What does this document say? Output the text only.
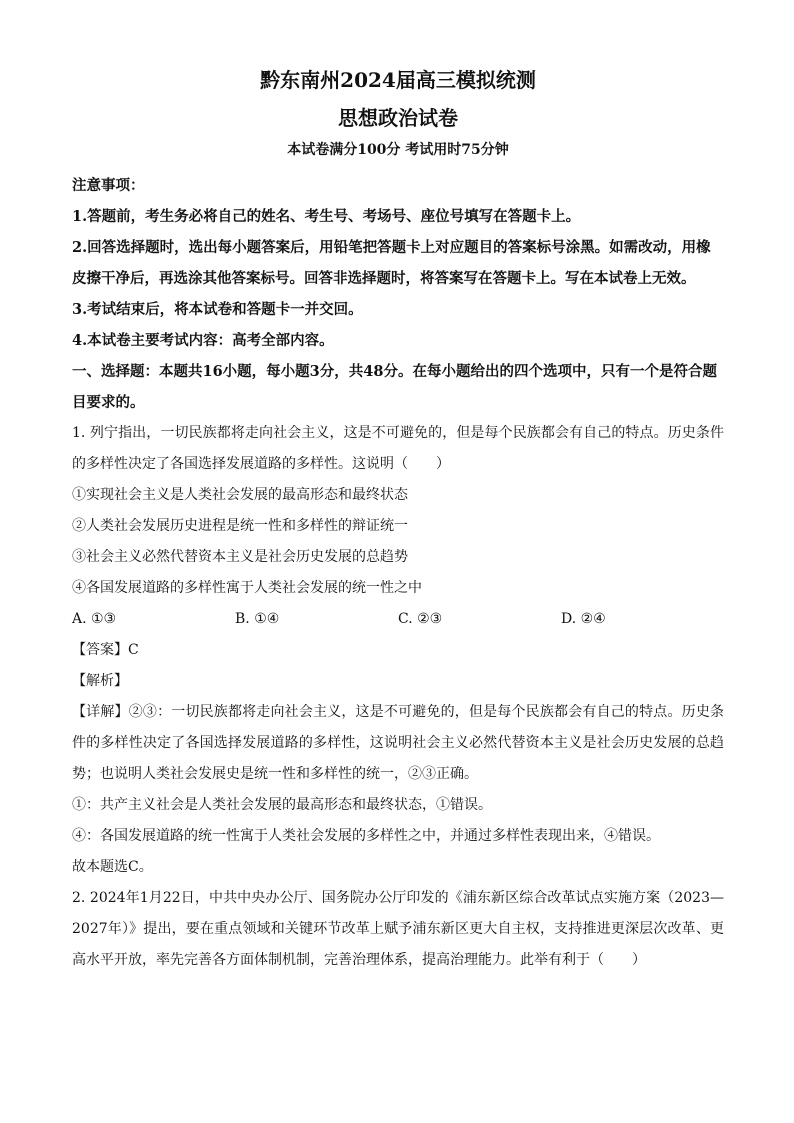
黔东南州2024届高三模拟统测
思想政治试卷
本试卷满分100分 考试用时75分钟
注意事项：
1.答题前，考生务必将自己的姓名、考生号、考场号、座位号填写在答题卡上。
2.回答选择题时，选出每小题答案后，用铅笔把答题卡上对应题目的答案标号涂黑。如需改动，用橡皮擦干净后，再选涂其他答案标号。回答非选择题时，将答案写在答题卡上。写在本试卷上无效。
3.考试结束后，将本试卷和答题卡一并交回。
4.本试卷主要考试内容：高考全部内容。
一、选择题：本题共16小题，每小题3分，共48分。在每小题给出的四个选项中，只有一个是符合题目要求的。
1. 列宁指出，一切民族都将走向社会主义，这是不可避免的，但是每个民族都会有自己的特点。历史条件的多样性决定了各国选择发展道路的多样性。这说明（　　）
①实现社会主义是人类社会发展的最高形态和最终状态
②人类社会发展历史进程是统一性和多样性的辩证统一
③社会主义必然代替资本主义是社会历史发展的总趋势
④各国发展道路的多样性寓于人类社会发展的统一性之中
A. ①③	B. ①④	C. ②③	D. ②④
【答案】C
【解析】
【详解】②③：一切民族都将走向社会主义，这是不可避免的，但是每个民族都会有自己的特点。历史条件的多样性决定了各国选择发展道路的多样性，这说明社会主义必然代替资本主义是社会历史发展的总趋势；也说明人类社会发展史是统一性和多样性的统一，②③正确。
①：共产主义社会是人类社会发展的最高形态和最终状态，①错误。
④：各国发展道路的统一性寓于人类社会发展的多样性之中，并通过多样性表现出来，④错误。
故本题选C。
2. 2024年1月22日，中共中央办公厅、国务院办公厅印发的《浦东新区综合改革试点实施方案（2023—2027年）》提出，要在重点领域和关键环节改革上赋予浦东新区更大自主权，支持推进更深层次改革、更高水平开放，率先完善各方面体制机制，完善治理体系，提高治理能力。此举有利于（　　）
